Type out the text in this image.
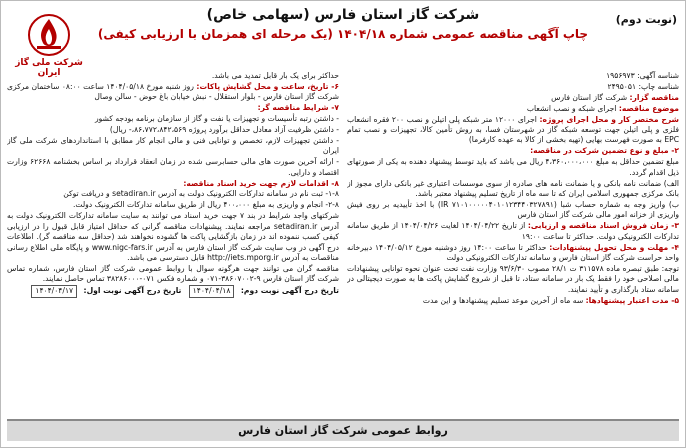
(نوبت دوم)
شرکت گاز استان فارس (سهامی خاص)
چاپ آگهی مناقصه عمومی شماره ۱۴۰۴/۱۸ (یک مرحله ای همزمان با ارزیابی کیفی)
شرکت ملی گاز ایران	شناسه آگهی: ۱۹۵۶۹۷۳

شناسه چاپ: ۲۴۹۵۰۵۱

مناقصه گزار: شرکت گاز استان فارس

موضوع مناقصه: اجرای شبکه و نصب انشعاب

شرح مختصر کار و محل اجرای پروژه: اجرای ۱۲۰۰۰ متر شبکه پلی اتیلن و نصب ۲۰۰ فقره انشعاب فلزی و پلی اتیلن جهت توسعه شبکه گاز در شهرستان فسا، به روش تأمین کالا، تجهیزات و نصب تمام EPC به صورت فهرست بهایی (تهیه بخشی از کالا به عهده کارفرما)

۲- مبلغ و نوع تضمین شرکت در مناقصه:

مبلغ تضمین حداقل به مبلغ ۴،۳۶۰،۰۰۰،۰۰۰ ریال می باشد که باید توسط پیشنهاد دهنده به یکی از صورتهای ذیل اقدام گردد.

الف) ضمانت نامه بانکی و یا ضمانت نامه های صادره از سوی موسسات اعتباری غیر بانکی دارای مجوز از بانک مرکزی جمهوری اسلامی ایران که تا سه ماه از تاریخ تسلیم پیشنهاد معتبر باشد.

ب) واریز وجه به شماره حساب شبا (IR ۷۱۰۱۰۰۰۰۰۴۰۱۰۱۲۳۴۴۰۳۲۷۸۹۱) با اخذ تأییدیه بر روی فیش واریزی از خزانه امور مالی شرکت گاز استان فارس

۳- زمان فروش اسناد مناقصه و ارزیابی: از تاریخ ۱۴۰۴/۰۴/۲۲ لغایت ۱۴۰۴/۰۴/۲۶ از طریق سامانه تدارکات الکترونیکی دولت. حداکثر تا ساعت ۱۹:۰۰

۴- مهلت و محل تحویل پیشنهادات: حداکثر تا ساعت ۱۴:۰۰ روز دوشنبه مورخ ۱۴۰۴/۰۵/۱۲ دبیرخانه واحد حراست شرکت گاز استان فارس و سامانه تدارکات الکترونیکی دولت

توجه: طبق تبصره ماده ۳۱۱۵۷۸ ت ۲۸/۱ مصوب ۹۳/۶/۳۰ وزارت نفت تحت عنوان نحوه توانایی پیشنهادات مالی اصلاحی خود را فقط یک بار در سامانه ستاد، تا قبل از شروع گشایش پاکت ها به صورت دیجیتالی در سامانه ستاد بارگذاری و تأیید نمایند.

۵- مدت اعتبار پیشنهادها: سه ماه از آخرین موعد تسلیم پیشنهادها و این مدت

حداکثر برای یک بار قابل تمدید می باشد.

۶- تاریخ، ساعت و محل گشایش پاکات: روز شنبه مورخ ۱۴۰۴/۰۵/۱۸ ساعت ۰۸:۰۰ ساختمان مرکزی شرکت گاز استان فارس - بلوار استقلال - نبش خیابان باغ حوض - سالن وصال

۷- شرایط مناقصه گر:

- داشتن رتبه تأسیسات و تجهیزات یا نفت و گاز از سازمان برنامه بودجه کشور

- داشتن ظرفیت آزاد معادل حداقل برآورد پروژه ۸۶،۷۷۲،۸۴۲،۵۶۹،- ریال)

- داشتن تجهیزات لازم، تخصص و توانایی فنی و مالی انجام کار مطابق با استانداردهای شرکت ملی گاز ایران

- ارائه آخرین صورت های مالی حسابرسی شده در زمان انعقاد قرارداد بر اساس بخشنامه ۶۲۶۶۸ وزارت اقتصاد و دارایی.

۸- اقدامات لازم جهت خرید اسناد مناقصه:

۱-۸- ثبت نام در سامانه تدارکات الکترونیک دولت به آدرس setadiran.ir و دریافت توکن

۲-۸- انجام و واریزی به مبلغ ۴۰۰،۰۰۰ ریال از طریق سامانه تدارکات الکترونیک دولت.

شرکتهای واجد شرایط در بند ۷ جهت خرید اسناد می توانند به سایت سامانه تدارکات الکترونیک دولت به آدرس setadiran.ir مراجعه نمایند. پیشنهادات مناقصه گرانی که حداقل امتیاز قابل قبول را در ارزیابی کیفی کسب ننموده اند در زمان بازگشایی پاکت ها گشوده نخواهند شد (حداقل سه مناقصه گر). اطلاعات درج آگهی در وب سایت شرکت گاز استان فارس به آدرس www.nigc-fars.ir و پایگاه ملی اطلاع رسانی مناقصات به آدرس http://iets.mporg.ir قابل دسترسی می باشد.

مناقصه گران می توانند جهت هرگونه سوال با روابط عمومی شرکت گاز استان فارس، شماره تماس شرکت گاز استان فارس ۹-۳۸۶۰۷۰۰۲-۰۷۱ و شماره فکس ۰۷۱-۳۸۲۸۶۰۰۰ تماس حاصل نمایند.

تاریخ درج آگهی نوبت دوم: ۱۴۰۴/۰۴/۱۸   تاریخ درج آگهی نوبت اول: ۱۴۰۴/۰۴/۱۷

روابط عمومی شرکت گاز استان فارس
